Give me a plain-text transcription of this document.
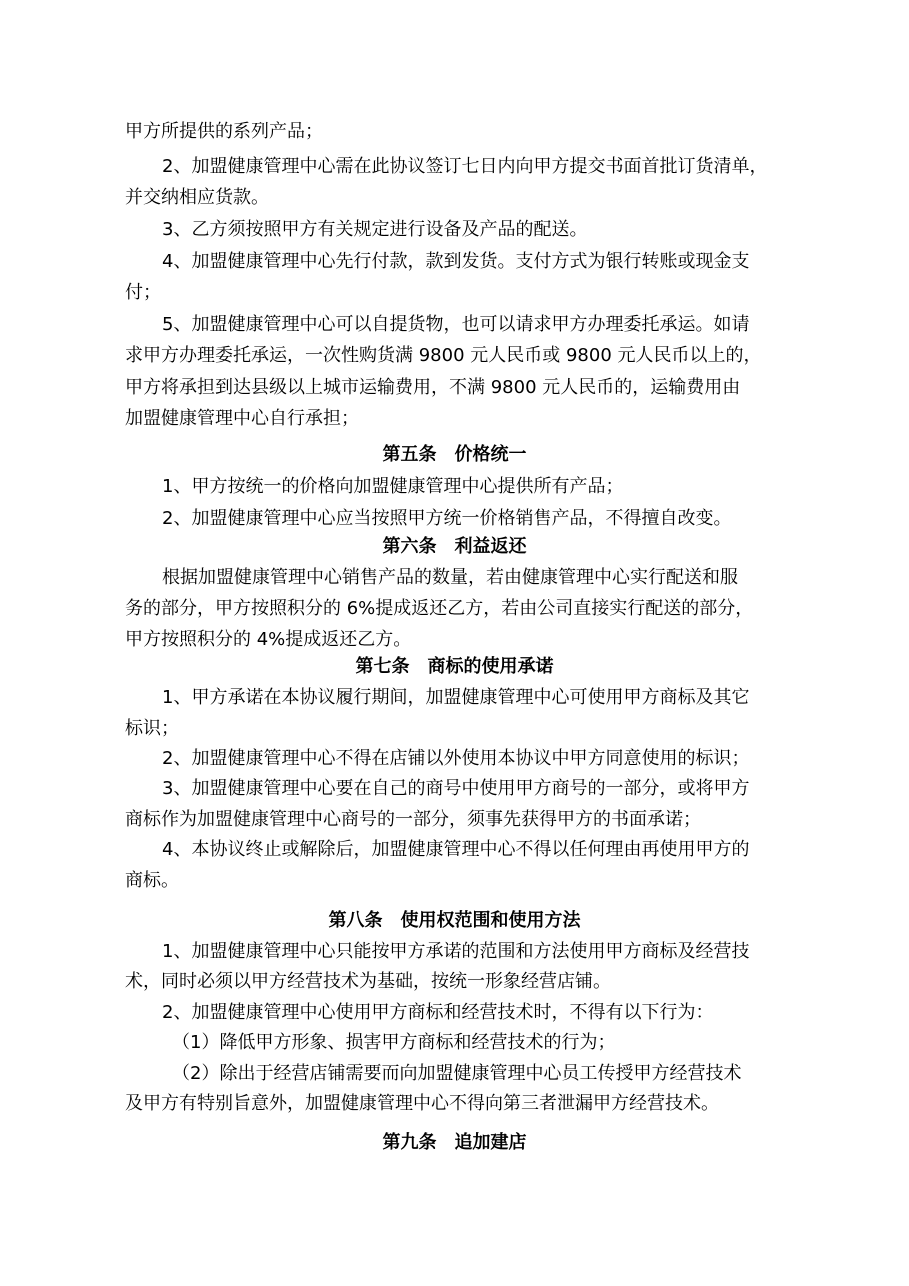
甲方所提供的系列产品；
2、加盟健康管理中心需在此协议签订七日内向甲方提交书面首批订货清单，
并交纳相应货款。
3、乙方须按照甲方有关规定进行设备及产品的配送。
4、加盟健康管理中心先行付款，款到发货。支付方式为银行转账或现金支
付；
5、加盟健康管理中心可以自提货物，也可以请求甲方办理委托承运。如请
求甲方办理委托承运，一次性购货满 9800 元人民币或 9800 元人民币以上的，
甲方将承担到达县级以上城市运输费用，不满 9800 元人民币的，运输费用由
加盟健康管理中心自行承担；
第五条　价格统一
1、甲方按统一的价格向加盟健康管理中心提供所有产品；
2、加盟健康管理中心应当按照甲方统一价格销售产品，不得擅自改变。
第六条　利益返还
根据加盟健康管理中心销售产品的数量，若由健康管理中心实行配送和服
务的部分，甲方按照积分的 6%提成返还乙方，若由公司直接实行配送的部分，
甲方按照积分的 4%提成返还乙方。
第七条　商标的使用承诺
1、甲方承诺在本协议履行期间，加盟健康管理中心可使用甲方商标及其它
标识；
2、加盟健康管理中心不得在店铺以外使用本协议中甲方同意使用的标识；
3、加盟健康管理中心要在自己的商号中使用甲方商号的一部分，或将甲方
商标作为加盟健康管理中心商号的一部分，须事先获得甲方的书面承诺；
4、本协议终止或解除后，加盟健康管理中心不得以任何理由再使用甲方的
商标。
第八条　使用权范围和使用方法
1、加盟健康管理中心只能按甲方承诺的范围和方法使用甲方商标及经营技
术，同时必须以甲方经营技术为基础，按统一形象经营店铺。
2、加盟健康管理中心使用甲方商标和经营技术时，不得有以下行为：
（1）降低甲方形象、损害甲方商标和经营技术的行为；
（2）除出于经营店铺需要而向加盟健康管理中心员工传授甲方经营技术
及甲方有特别旨意外，加盟健康管理中心不得向第三者泄漏甲方经营技术。
第九条　追加建店
